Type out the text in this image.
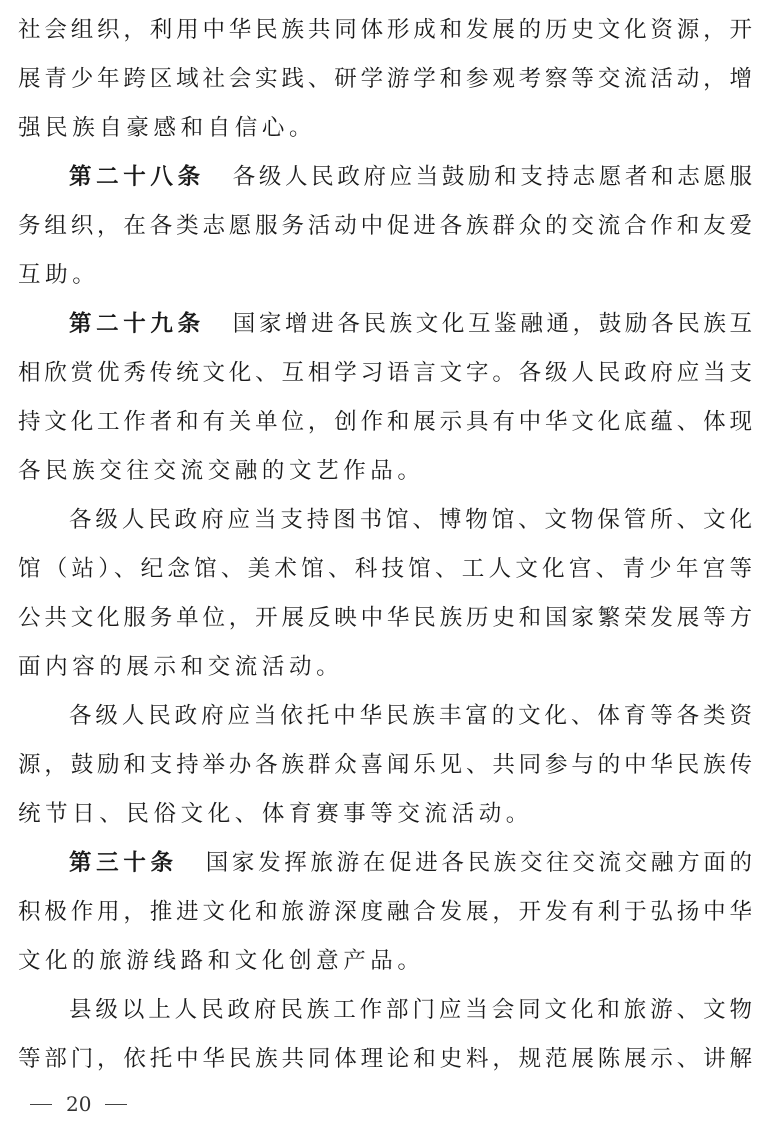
社会组织，利用中华民族共同体形成和发展的历史文化资源，开
展青少年跨区域社会实践、研学游学和参观考察等交流活动，增
强民族自豪感和自信心。
第二十八条 各级人民政府应当鼓励和支持志愿者和志愿服
务组织，在各类志愿服务活动中促进各族群众的交流合作和友爱
互助。
第二十九条 国家增进各民族文化互鉴融通，鼓励各民族互
相欣赏优秀传统文化、互相学习语言文字。各级人民政府应当支
持文化工作者和有关单位，创作和展示具有中华文化底蕴、体现
各民族交往交流交融的文艺作品。
各级人民政府应当支持图书馆、博物馆、文物保管所、文化
馆（站）、纪念馆、美术馆、科技馆、工人文化宫、青少年宫等
公共文化服务单位，开展反映中华民族历史和国家繁荣发展等方
面内容的展示和交流活动。
各级人民政府应当依托中华民族丰富的文化、体育等各类资
源，鼓励和支持举办各族群众喜闻乐见、共同参与的中华民族传
统节日、民俗文化、体育赛事等交流活动。
第三十条 国家发挥旅游在促进各民族交往交流交融方面的
积极作用，推进文化和旅游深度融合发展，开发有利于弘扬中华
文化的旅游线路和文化创意产品。
县级以上人民政府民族工作部门应当会同文化和旅游、文物
等部门，依托中华民族共同体理论和史料，规范展陈展示、讲解
20
